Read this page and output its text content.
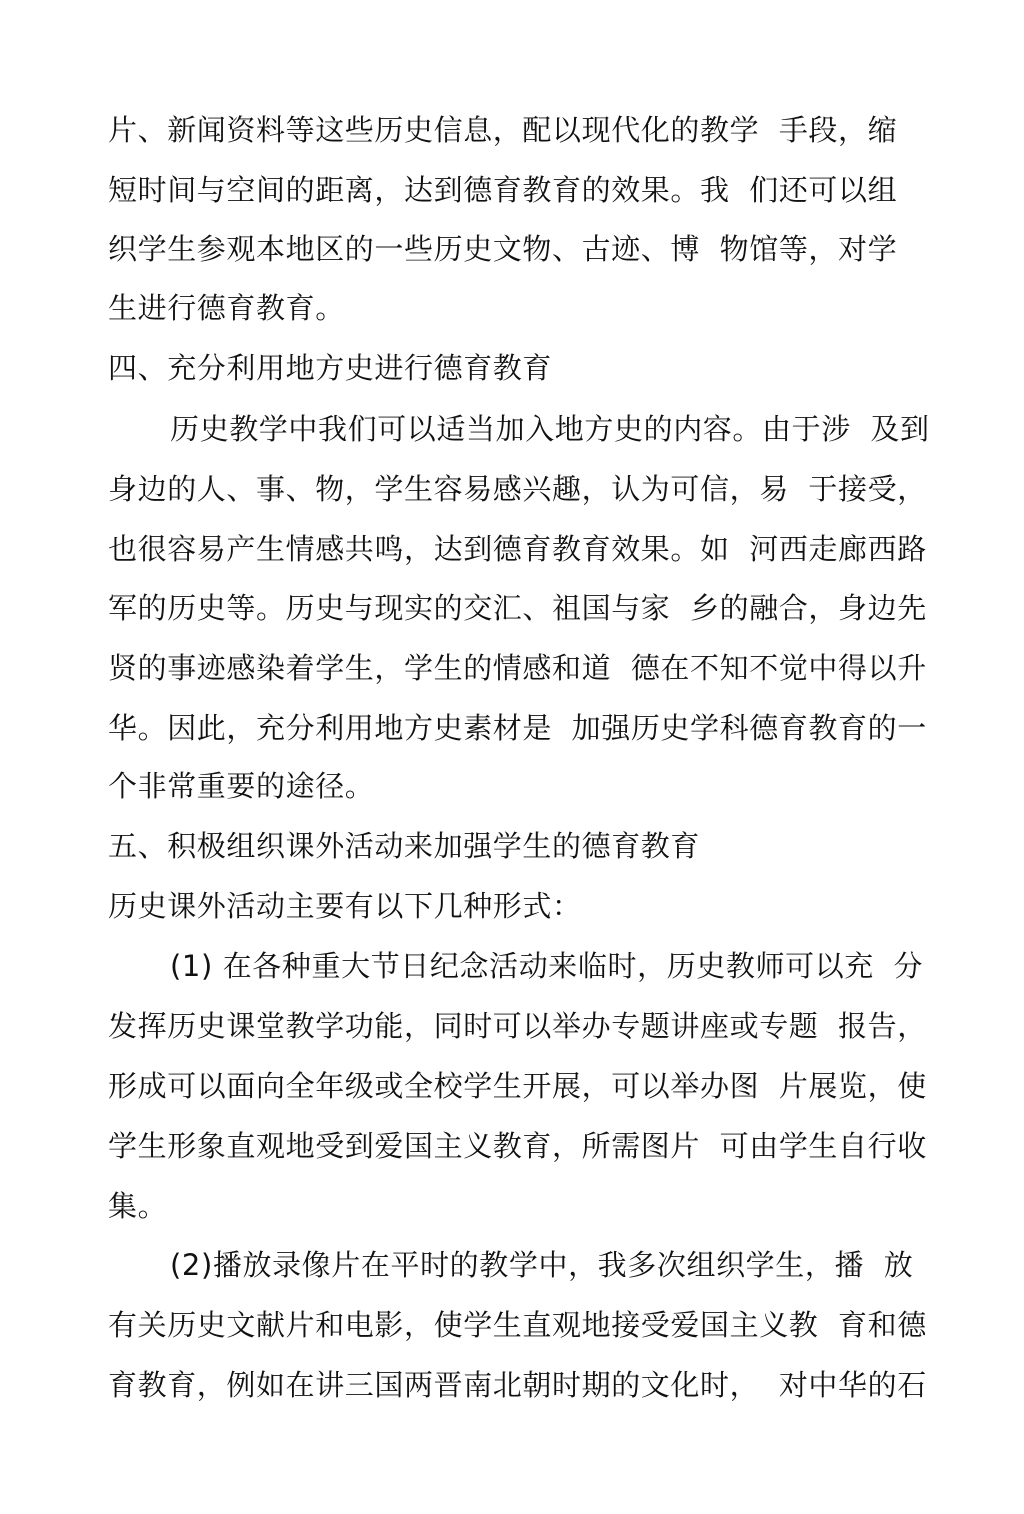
片、新闻资料等这些历史信息，配以现代化的教学  手段，缩
短时间与空间的距离，达到德育教育的效果。我  们还可以组
织学生参观本地区的一些历史文物、古迹、博  物馆等，对学
生进行德育教育。
四、充分利用地方史进行德育教育
历史教学中我们可以适当加入地方史的内容。由于涉  及到
身边的人、事、物，学生容易感兴趣，认为可信，易  于接受，
也很容易产生情感共鸣，达到德育教育效果。如  河西走廊西路
军的历史等。历史与现实的交汇、祖国与家  乡的融合，身边先
贤的事迹感染着学生，学生的情感和道  德在不知不觉中得以升
华。因此，充分利用地方史素材是  加强历史学科德育教育的一
个非常重要的途径。
五、积极组织课外活动来加强学生的德育教育
历史课外活动主要有以下几种形式：
(1) 在各种重大节日纪念活动来临时，历史教师可以充  分
发挥历史课堂教学功能，同时可以举办专题讲座或专题  报告，
形成可以面向全年级或全校学生开展，可以举办图  片展览，使
学生形象直观地受到爱国主义教育，所需图片  可由学生自行收
集。
(2)播放录像片在平时的教学中，我多次组织学生，播  放
有关历史文献片和电影，使学生直观地接受爱国主义教  育和德
育教育，例如在讲三国两晋南北朝时期的文化时，  对中华的石
